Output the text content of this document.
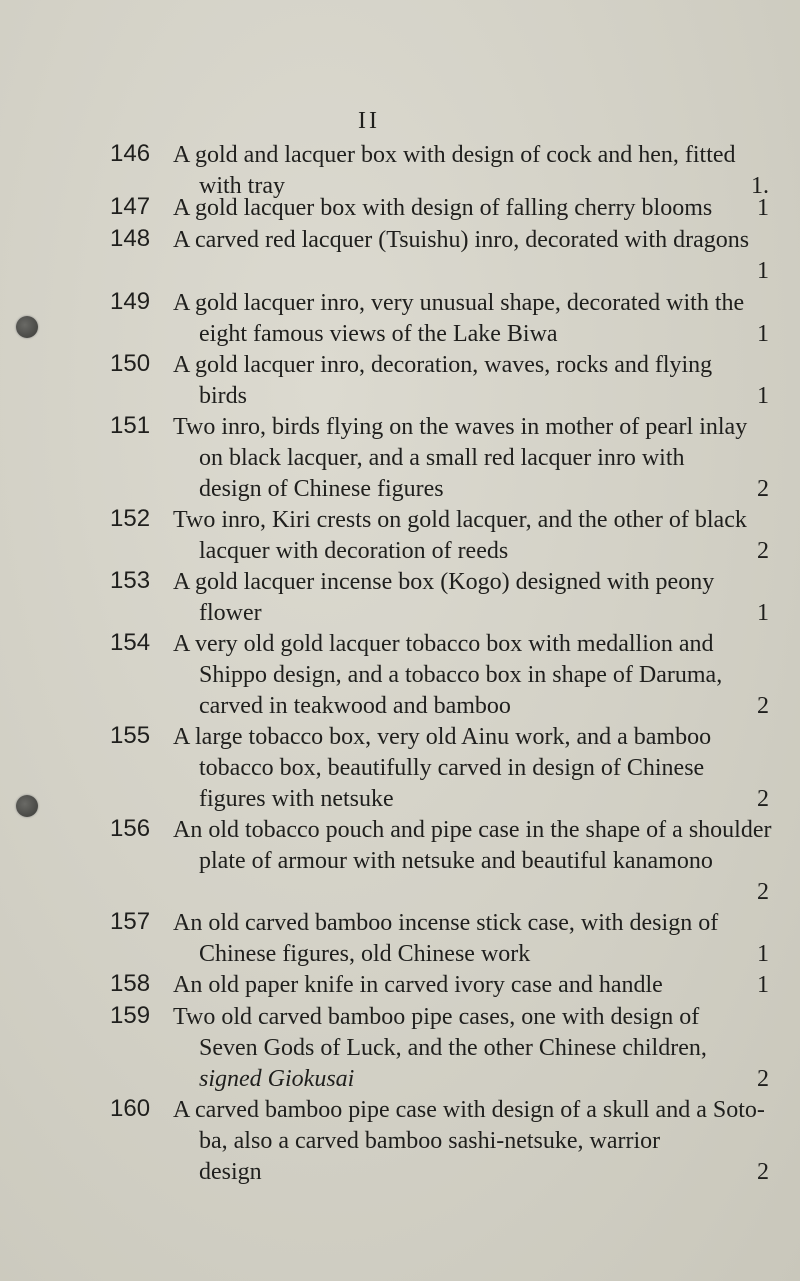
II
146 A gold and lacquer box with design of cock and hen, fitted
with tray	1.
147 A gold lacquer box with design of falling cherry blooms 1
148 A carved red lacquer (Tsuishu) inro, decorated with dragons
1
149 A gold lacquer inro, very unusual shape, decorated with the
eight famous views of the Lake Biwa	1
150 A gold lacquer inro, decoration, waves, rocks and flying
birds	1
151 Two inro, birds flying on the waves in mother of pearl inlay
on black lacquer, and a small red lacquer inro with
design of Chinese figures	2
152 Two inro, Kiri crests on gold lacquer, and the other of black
lacquer with decoration of reeds	2
153 A gold lacquer incense box (Kogo) designed with peony
flower	1
154 A very old gold lacquer tobacco box with medallion and
Shippo design, and a tobacco box in shape of Daruma,
carved in teakwood and bamboo	2
155 A large tobacco box, very old Ainu work, and a bamboo
tobacco box, beautifully carved in design of Chinese
figures with netsuke	2
156 An old tobacco pouch and pipe case in the shape of a shoulder
plate of armour with netsuke and beautiful kanamono
2
157 An old carved bamboo incense stick case, with design of
Chinese figures, old Chinese work	1
158 An old paper knife in carved ivory case and handle	1
159 Two old carved bamboo pipe cases, one with design of
Seven Gods of Luck, and the other Chinese children,
signed Giokusai	2
160 A carved bamboo pipe case with design of a skull and a Soto-
ba, also a carved bamboo sashi-netsuke, warrior
design	2
